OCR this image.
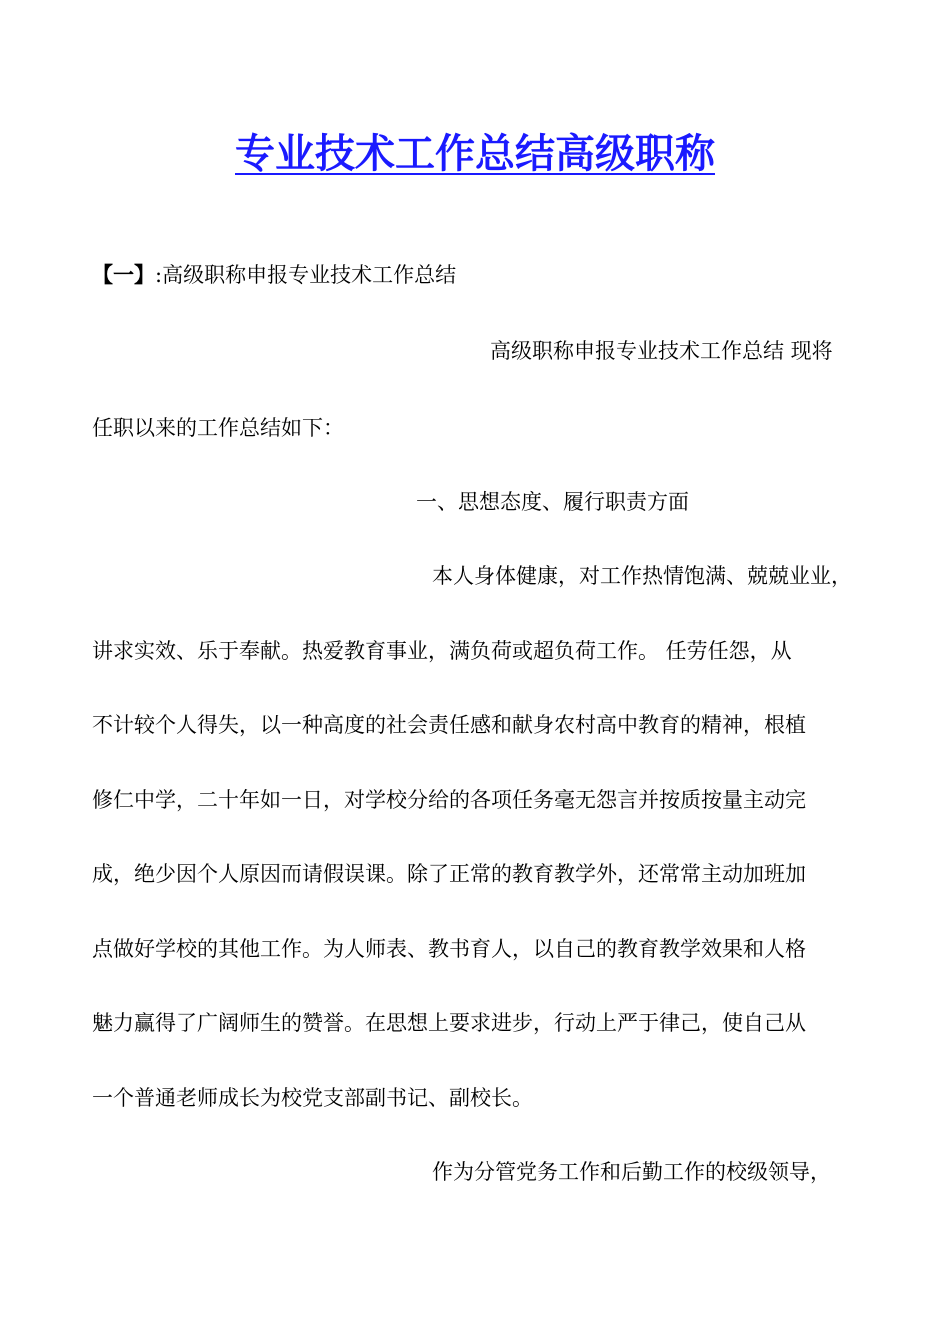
专业技术工作总结高级职称
【一】:高级职称申报专业技术工作总结
高级职称申报专业技术工作总结 现将
任职以来的工作总结如下：
一、思想态度、履行职责方面
本人身体健康，对工作热情饱满、兢兢业业，
讲求实效、乐于奉献。热爱教育事业，满负荷或超负荷工作。 任劳任怨，从
不计较个人得失，以一种高度的社会责任感和献身农村高中教育的精神，根植
修仁中学，二十年如一日，对学校分给的各项任务毫无怨言并按质按量主动完
成，绝少因个人原因而请假误课。除了正常的教育教学外，还常常主动加班加
点做好学校的其他工作。为人师表、教书育人，以自己的教育教学效果和人格
魅力赢得了广阔师生的赞誉。在思想上要求进步，行动上严于律己，使自己从
一个普通老师成长为校党支部副书记、副校长。
作为分管党务工作和后勤工作的校级领导，
